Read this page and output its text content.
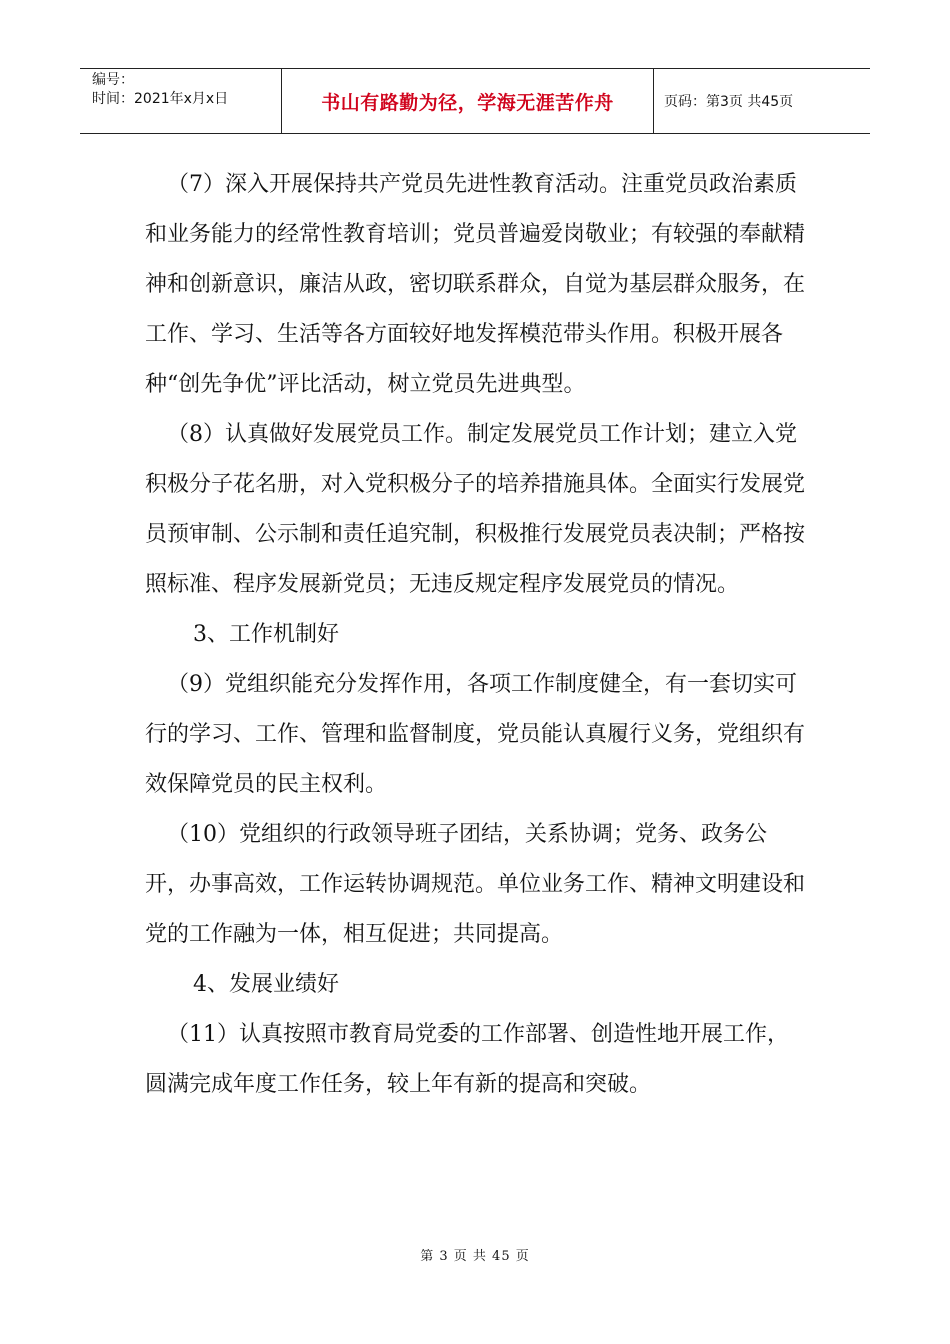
编号：
时间：2021年x月x日	书山有路勤为径，学海无涯苦作舟	页码：第3页 共45页

（7）深入开展保持共产党员先进性教育活动。注重党员政治素质和业务能力的经常性教育培训；党员普遍爱岗敬业；有较强的奉献精神和创新意识，廉洁从政，密切联系群众，自觉为基层群众服务，在工作、学习、生活等各方面较好地发挥模范带头作用。积极开展各种“创先争优”评比活动，树立党员先进典型。

（8）认真做好发展党员工作。制定发展党员工作计划；建立入党积极分子花名册，对入党积极分子的培养措施具体。全面实行发展党员预审制、公示制和责任追究制，积极推行发展党员表决制；严格按照标准、程序发展新党员；无违反规定程序发展党员的情况。

3、工作机制好

（9）党组织能充分发挥作用，各项工作制度健全，有一套切实可行的学习、工作、管理和监督制度，党员能认真履行义务，党组织有效保障党员的民主权利。

（10）党组织的行政领导班子团结，关系协调；党务、政务公开，办事高效，工作运转协调规范。单位业务工作、精神文明建设和党的工作融为一体，相互促进；共同提高。

4、发展业绩好

（11）认真按照市教育局党委的工作部署、创造性地开展工作，圆满完成年度工作任务，较上年有新的提高和突破。

第 3 页 共 45 页
